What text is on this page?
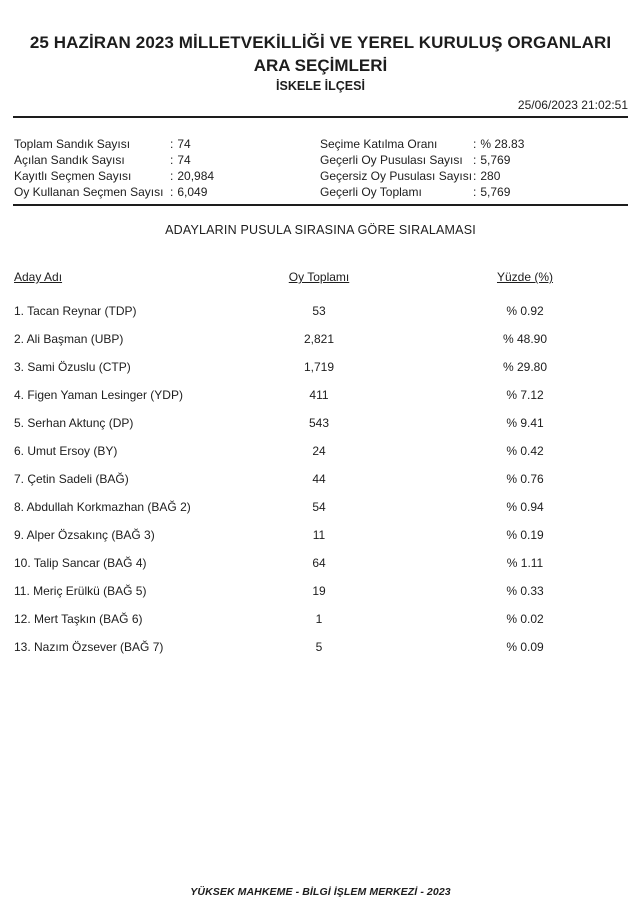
25 HAZİRAN 2023 MİLLETVEKİLLİĞİ VE YEREL KURULUŞ ORGANLARI
ARA SEÇİMLERİ
İSKELE İLÇESİ
25/06/2023 21:02:51
Toplam Sandık Sayısı	: 74
Açılan Sandık Sayısı	: 74
Kayıtlı Seçmen Sayısı	: 20,984
Oy Kullanan Seçmen Sayısı : 6,049
Seçime Katılma Oranı	: % 28.83
Geçerli Oy Pusulası Sayısı : 5,769
Geçersiz Oy Pusulası Sayısı : 280
Geçerli Oy Toplamı	: 5,769
ADAYLARIN PUSULA SIRASINA GÖRE SIRALAMASI
Aday Adı	Oy Toplamı	Yüzde (%)
1. Tacan Reynar (TDP)	53	% 0.92
2. Ali Başman (UBP)	2,821	% 48.90
3. Sami Özuslu (CTP)	1,719	% 29.80
4. Figen Yaman Lesinger (YDP)	411	% 7.12
5. Serhan Aktunç (DP)	543	% 9.41
6. Umut Ersoy (BY)	24	% 0.42
7. Çetin Sadeli (BAĞ)	44	% 0.76
8. Abdullah Korkmazhan (BAĞ 2)	54	% 0.94
9. Alper Özsakınç (BAĞ 3)	11	% 0.19
10. Talip Sancar (BAĞ 4)	64	% 1.11
11. Meriç Erülkü (BAĞ 5)	19	% 0.33
12. Mert Taşkın (BAĞ 6)	1	% 0.02
13. Nazım Özsever (BAĞ 7)	5	% 0.09
YÜKSEK MAHKEME - BİLGİ İŞLEM MERKEZİ - 2023
